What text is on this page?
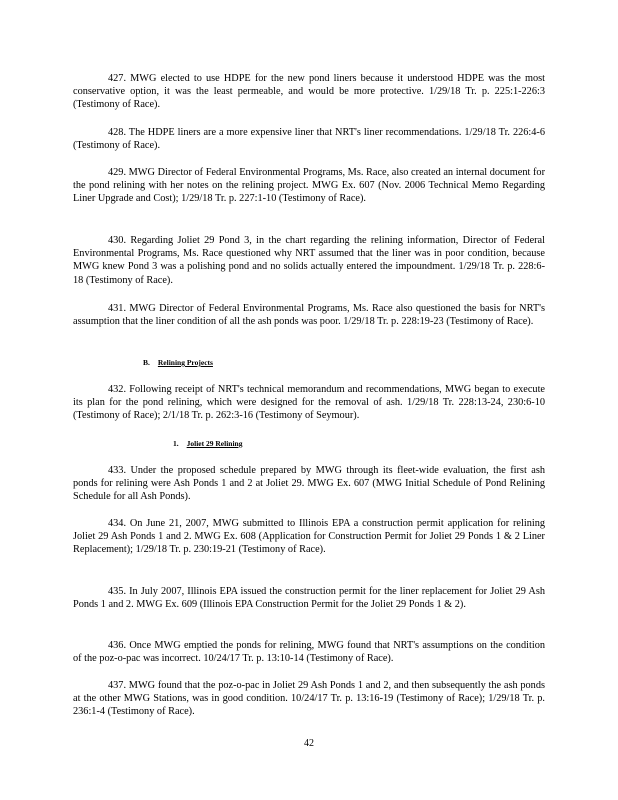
427. MWG elected to use HDPE for the new pond liners because it understood HDPE was the most conservative option, it was the least permeable, and would be more protective. 1/29/18 Tr. p. 225:1-226:3 (Testimony of Race).

428. The HDPE liners are a more expensive liner that NRT's liner recommendations. 1/29/18 Tr. 226:4-6 (Testimony of Race).

429. MWG Director of Federal Environmental Programs, Ms. Race, also created an internal document for the pond relining with her notes on the relining project. MWG Ex. 607 (Nov. 2006 Technical Memo Regarding Liner Upgrade and Cost); 1/29/18 Tr. p. 227:1-10 (Testimony of Race).

430. Regarding Joliet 29 Pond 3, in the chart regarding the relining information, Director of Federal Environmental Programs, Ms. Race questioned why NRT assumed that the liner was in poor condition, because MWG knew Pond 3 was a polishing pond and no solids actually entered the impoundment. 1/29/18 Tr. p. 228:6-18 (Testimony of Race).

431. MWG Director of Federal Environmental Programs, Ms. Race also questioned the basis for NRT's assumption that the liner condition of all the ash ponds was poor. 1/29/18 Tr. p. 228:19-23 (Testimony of Race).

B. Relining Projects

432. Following receipt of NRT's technical memorandum and recommendations, MWG began to execute its plan for the pond relining, which were designed for the removal of ash. 1/29/18 Tr. 228:13-24, 230:6-10 (Testimony of Race); 2/1/18 Tr. p. 262:3-16 (Testimony of Seymour).

1. Joliet 29 Relining

433. Under the proposed schedule prepared by MWG through its fleet-wide evaluation, the first ash ponds for relining were Ash Ponds 1 and 2 at Joliet 29. MWG Ex. 607 (MWG Initial Schedule of Pond Relining Schedule for all Ash Ponds).

434. On June 21, 2007, MWG submitted to Illinois EPA a construction permit application for relining Joliet 29 Ash Ponds 1 and 2. MWG Ex. 608 (Application for Construction Permit for Joliet 29 Ponds 1 & 2 Liner Replacement); 1/29/18 Tr. p. 230:19-21 (Testimony of Race).

435. In July 2007, Illinois EPA issued the construction permit for the liner replacement for Joliet 29 Ash Ponds 1 and 2. MWG Ex. 609 (Illinois EPA Construction Permit for the Joliet 29 Ponds 1 & 2).

436. Once MWG emptied the ponds for relining, MWG found that NRT's assumptions on the condition of the poz-o-pac was incorrect. 10/24/17 Tr. p. 13:10-14 (Testimony of Race).

437. MWG found that the poz-o-pac in Joliet 29 Ash Ponds 1 and 2, and then subsequently the ash ponds at the other MWG Stations, was in good condition. 10/24/17 Tr. p. 13:16-19 (Testimony of Race); 1/29/18 Tr. p. 236:1-4 (Testimony of Race).

42
